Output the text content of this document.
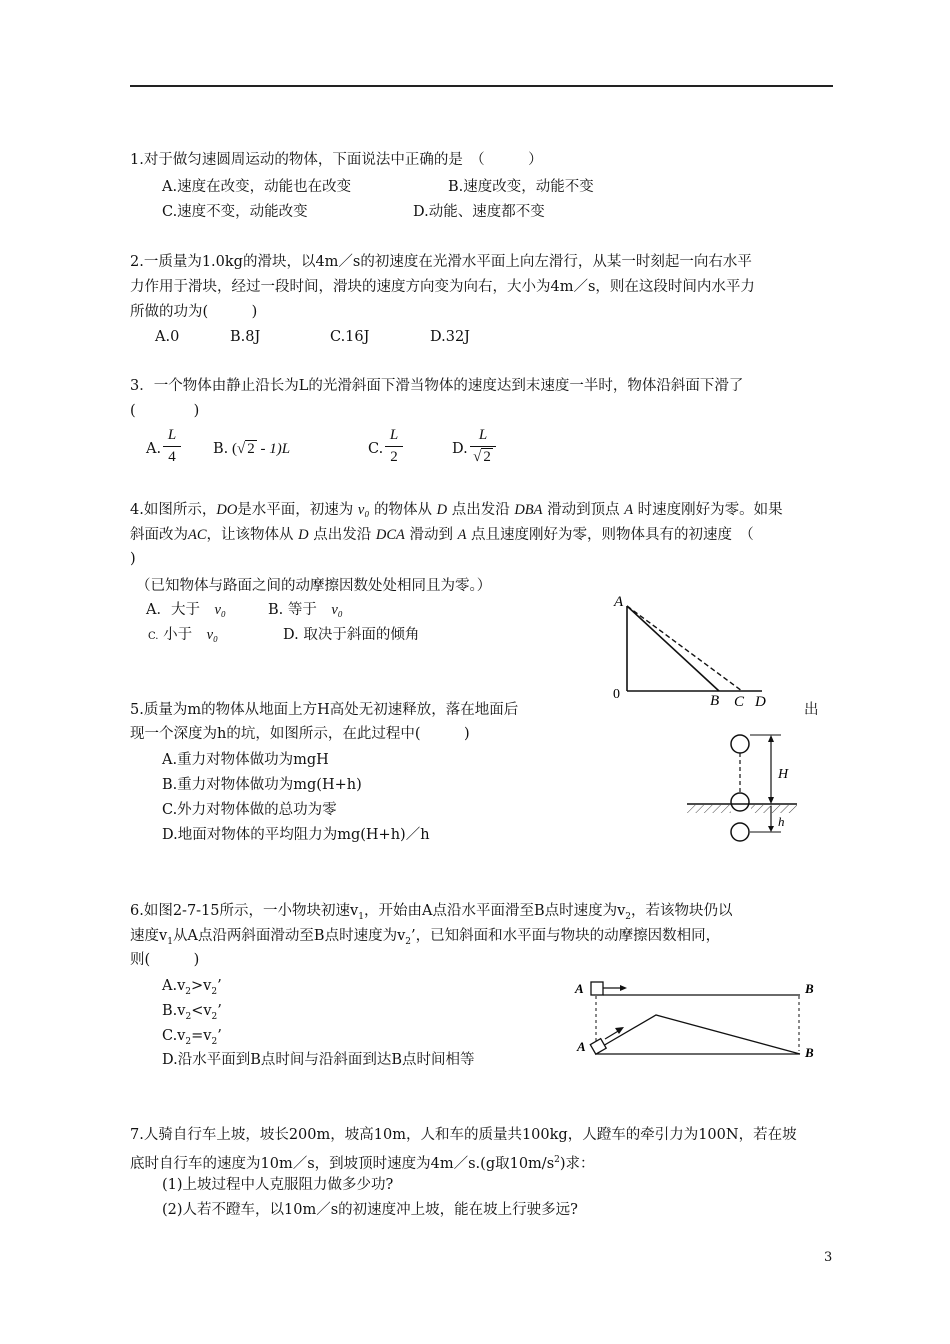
1.对于做匀速圆周运动的物体，下面说法中正确的是　（　　　）
A.速度在改变，动能也在改变	B.速度改变，动能不变
C.速度不变，动能改变	D.动能、速度都不变
2.一质量为1.0kg的滑块，以4m／s的初速度在光滑水平面上向左滑行，从某一时刻起一向右水平
力作用于滑块，经过一段时间，滑块的速度方向变为向右，大小为4m／s，则在这段时间内水平力
所做的功为(　　　)
A.0	B.8J	C.16J	D.32J
3．一个物体由静止沿长为L的光滑斜面下滑当物体的速度达到末速度一半时，物体沿斜面下滑了
(　　　　)
A.
L
4	B. (√ 2 - 1)L	C.
L
2	D.
L
√ 2
4.如图所示，DO是水平面，初速为 v₀ 的物体从 D 点出发沿 DBA 滑动到顶点 A 时速度刚好为零。如果
斜面改为AC，让该物体从 D 点出发沿 DCA 滑动到 A 点且速度刚好为零，则物体具有的初速度　（
)
（已知物体与路面之间的动摩擦因数处处相同且为零。）
A．大于　v₀	B. 等于　v₀
C. 小于　v₀	D. 取决于斜面的倾角
A
0	B C D
5.质量为m的物体从地面上方H高处无初速释放，落在地面后	出
现一个深度为h的坑，如图所示，在此过程中(　　　)
A.重力对物体做功为mgH
B.重力对物体做功为mg(H+h)
C.外力对物体做的总功为零
D.地面对物体的平均阻力为mg(H+h)／h
H
h
6.如图2-7-15所示，一小物块初速$v_1$，开始由A点沿水平面滑至B点时速度为$v_2$，若该物块仍以
速度$v_1$从A点沿两斜面滑动至B点时速度为$v_2$’，已知斜面和水平面与物块的动摩擦因数相同，
则(　　　)
$A.v_2>v_2$’
$B.v_2<v_2$’
$C.v_2=v_2$’
D.沿水平面到B点时间与沿斜面到达B点时间相等
A	B
A	B
7.人骑自行车上坡，坡长200m，坡高10m，人和车的质量共100kg，人蹬车的牵引力为100N，若在坡
底时自行车的速度为10m／s，到坡顶时速度为4m／s.(g取$10m/s^2$)求：
(1)上坡过程中人克服阻力做多少功?
(2)人若不蹬车，以10m／s的初速度冲上坡，能在坡上行驶多远?
3
